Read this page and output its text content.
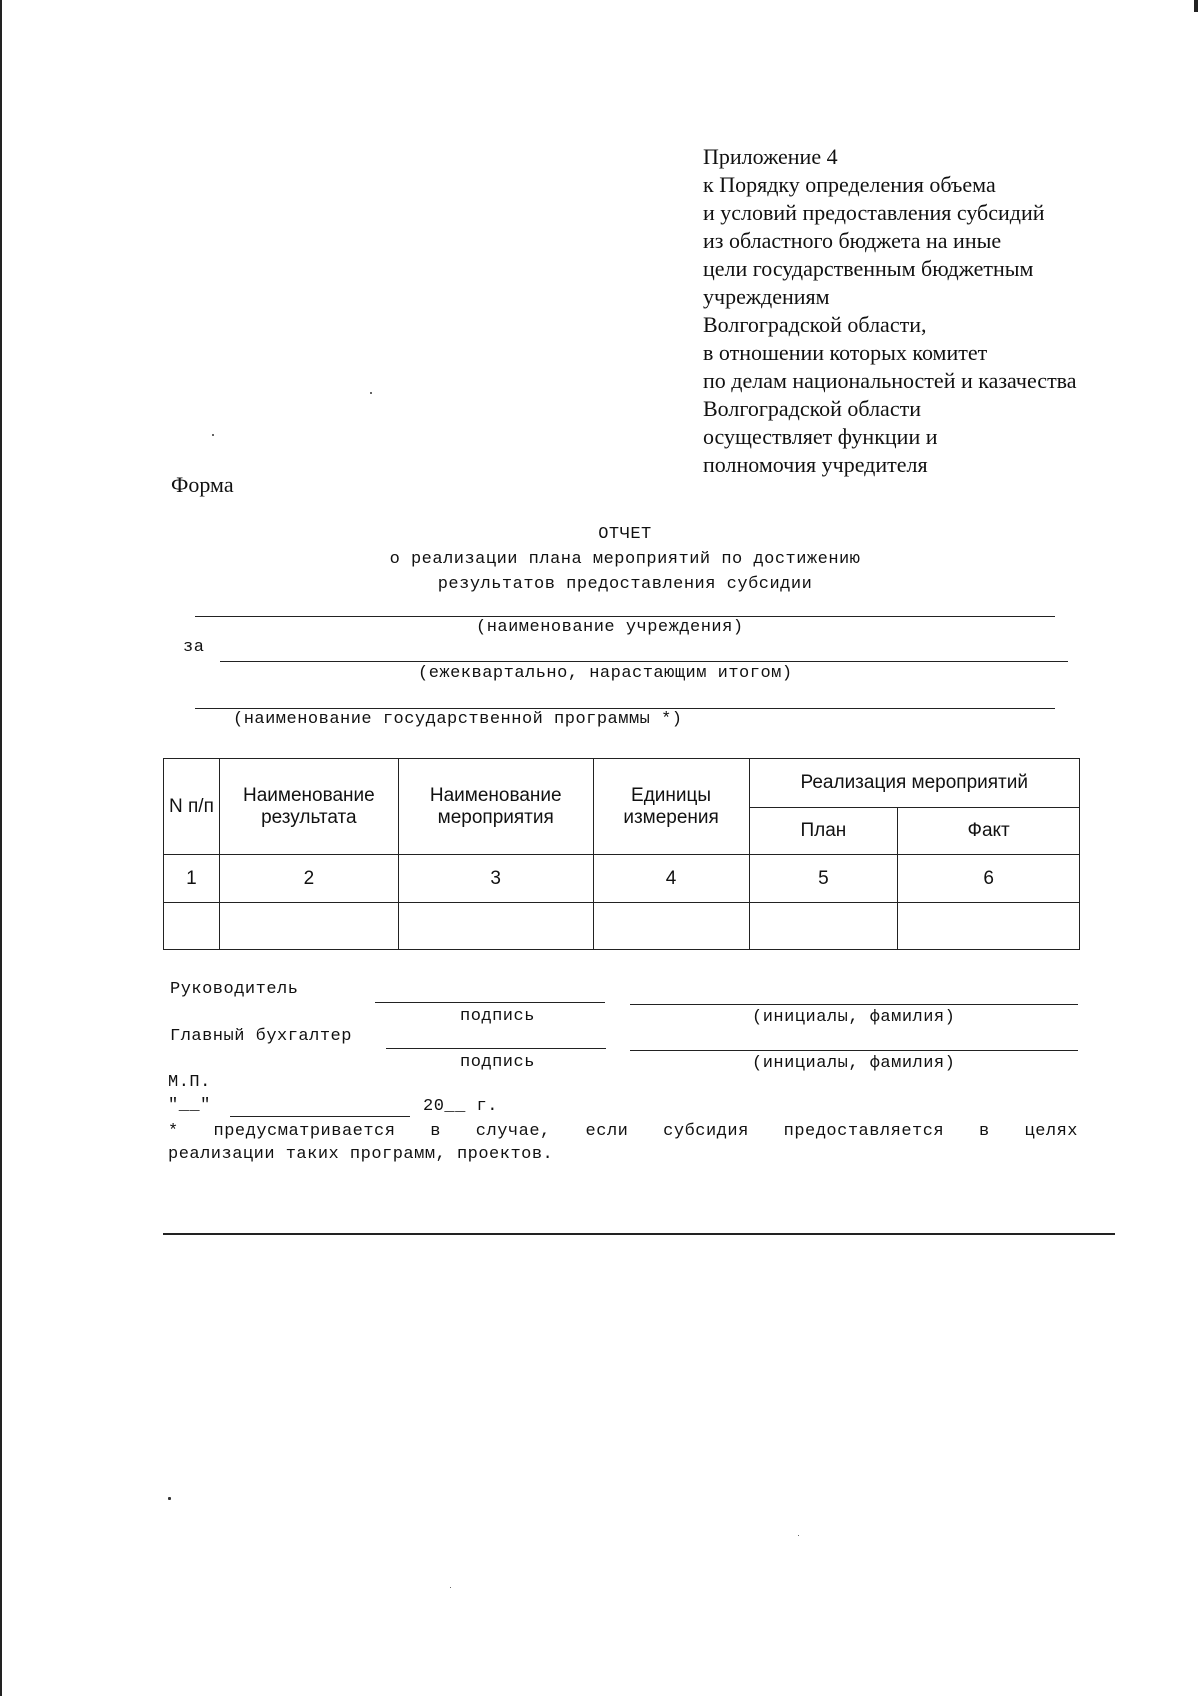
Приложение 4
к Порядку определения объема
и условий предоставления субсидий
из областного бюджета на иные
цели государственным бюджетным
учреждениям
Волгоградской области,
в отношении которых комитет
по делам национальностей и казачества
Волгоградской области
осуществляет функции и
полномочия учредителя
Форма
ОТЧЕТ
о реализации плана мероприятий по достижению
результатов предоставления субсидии
(наименование учреждения)
за
(ежеквартально, нарастающим итогом)
(наименование государственной программы *)
N п/п	Наименование результата	Наименование мероприятия	Единицы измерения	Реализация мероприятий	
				План	Факт
1	2	3	4	5	6

Руководитель
подпись	(инициалы, фамилия)
Главный бухгалтер
подпись	(инициалы, фамилия)
М.П.
"__"	20__ г.
* предусматривается в случае, если субсидия предоставляется в целях
реализации таких программ, проектов.
